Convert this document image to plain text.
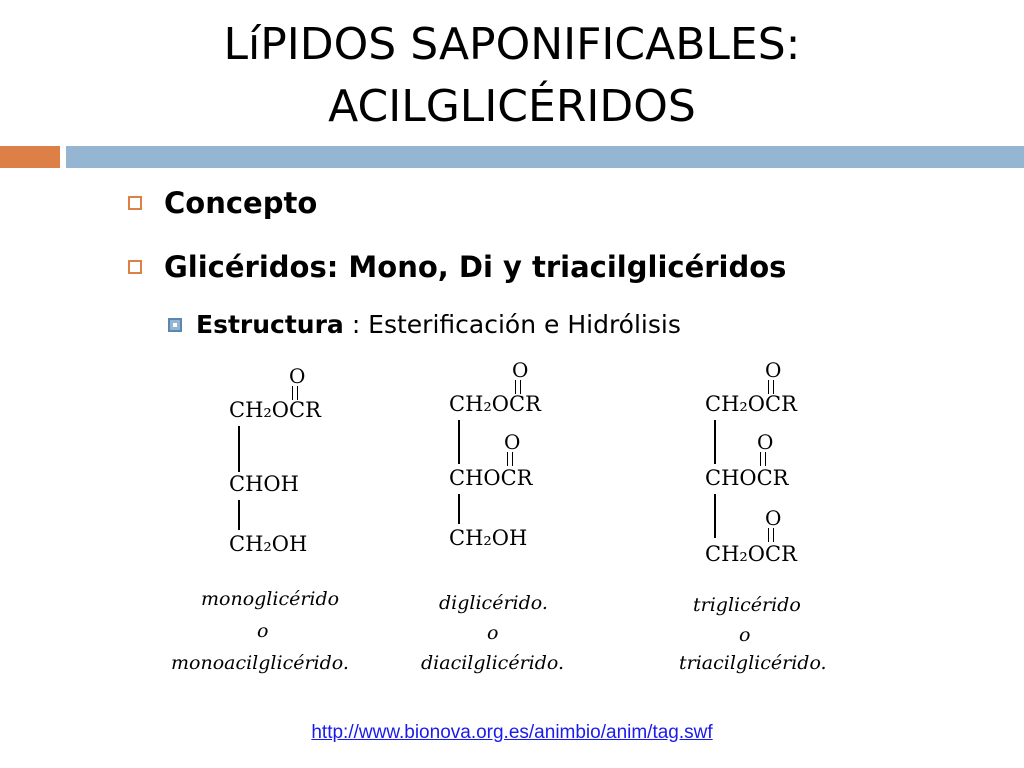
LíPIDOS SAPONIFICABLES:
ACILGLICÉRIDOS
Concepto
Glicéridos: Mono, Di y triacilglicéridos
Estructura : Esterificación e Hidrólisis
O
CH₂OCR
CHOH
CH₂OH
monoglicérido
o
monoacilglicérido.
O
CH₂OCR
O
CHOCR
CH₂OH
diglicérido.
o
diacilglicérido.
O
CH₂OCR
O
CHOCR
O
CH₂OCR
triglicérido
o
triacilglicérido.
http://www.bionova.org.es/animbio/anim/tag.swf
